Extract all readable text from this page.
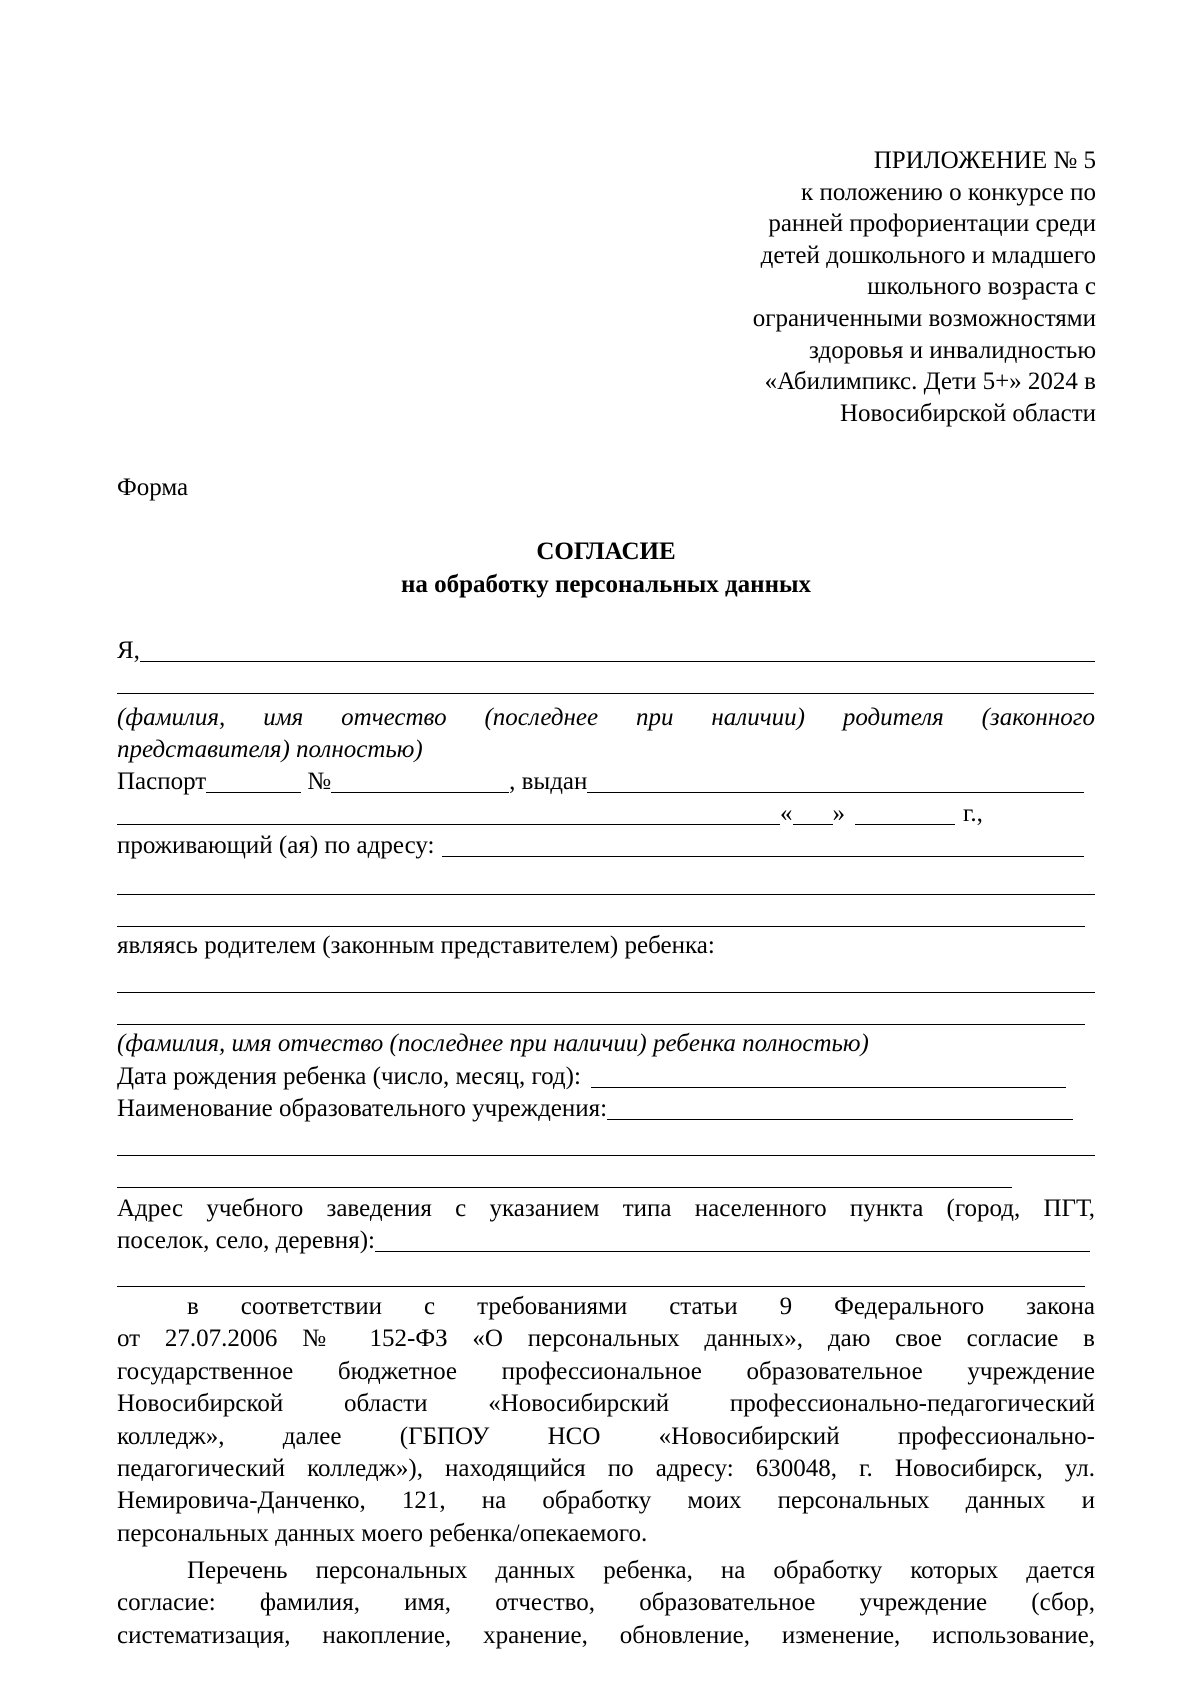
ПРИЛОЖЕНИЕ № 5
к положению о конкурсе по
ранней профориентации среди
детей дошкольного и младшего
школьного возраста с
ограниченными возможностями
здоровья и инвалидностью
«Абилимпикс. Дети 5+» 2024 в
Новосибирской области
Форма
СОГЛАСИЕ
на обработку персональных данных
Я,
(фамилия, имя отчество (последнее при наличии) родителя (законного
представителя) полностью)
Паспорт	№	, выдан
« »	г.,
проживающий (ая) по адресу:
являясь родителем (законным представителем) ребенка:
(фамилия, имя отчество (последнее при наличии) ребенка полностью)
Дата рождения ребенка (число, месяц, год):
Наименование образовательного учреждения:
Адрес учебного заведения с указанием типа населенного пункта (город, ПГТ,
поселок, село, деревня):
в соответствии с требованиями статьи 9 Федерального закона
от 27.07.2006 № 152-ФЗ «О персональных данных», даю свое согласие в
государственное бюджетное профессиональное образовательное учреждение
Новосибирской области «Новосибирский профессионально-педагогический
колледж», далее (ГБПОУ НСО «Новосибирский профессионально-
педагогический колледж»), находящийся по адресу: 630048, г. Новосибирск, ул.
Немировича-Данченко, 121, на обработку моих персональных данных и
персональных данных моего ребенка/опекаемого.
Перечень персональных данных ребенка, на обработку которых дается
согласие: фамилия, имя, отчество, образовательное учреждение (сбор,
систематизация, накопление, хранение, обновление, изменение, использование,
